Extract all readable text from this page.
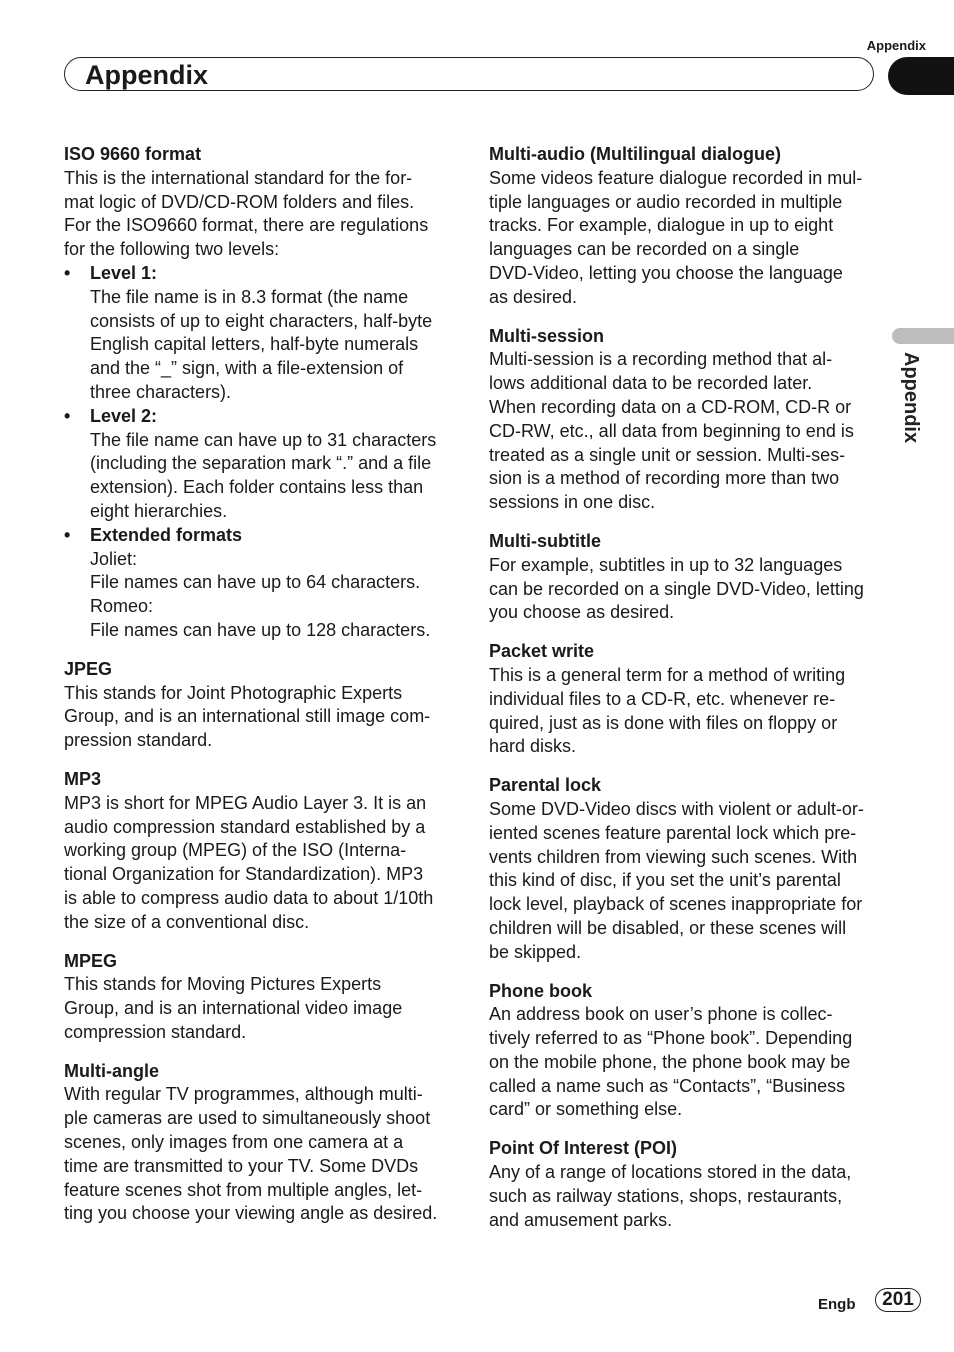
Appendix
Appendix
Appendix
ISO 9660 format
This is the international standard for the for-
mat logic of DVD/CD-ROM folders and files.
For the ISO9660 format, there are regulations
for the following two levels:
• Level 1:
The file name is in 8.3 format (the name
consists of up to eight characters, half-byte
English capital letters, half-byte numerals
and the “_” sign, with a file-extension of
three characters).
• Level 2:
The file name can have up to 31 characters
(including the separation mark “.” and a file
extension). Each folder contains less than
eight hierarchies.
• Extended formats
Joliet:
File names can have up to 64 characters.
Romeo:
File names can have up to 128 characters.
JPEG
This stands for Joint Photographic Experts
Group, and is an international still image com-
pression standard.
MP3
MP3 is short for MPEG Audio Layer 3. It is an
audio compression standard established by a
working group (MPEG) of the ISO (Interna-
tional Organization for Standardization). MP3
is able to compress audio data to about 1/10th
the size of a conventional disc.
MPEG
This stands for Moving Pictures Experts
Group, and is an international video image
compression standard.
Multi-angle
With regular TV programmes, although multi-
ple cameras are used to simultaneously shoot
scenes, only images from one camera at a
time are transmitted to your TV. Some DVDs
feature scenes shot from multiple angles, let-
ting you choose your viewing angle as desired.
Multi-audio (Multilingual dialogue)
Some videos feature dialogue recorded in mul-
tiple languages or audio recorded in multiple
tracks. For example, dialogue in up to eight
languages can be recorded on a single
DVD-Video, letting you choose the language
as desired.
Multi-session
Multi-session is a recording method that al-
lows additional data to be recorded later.
When recording data on a CD-ROM, CD-R or
CD-RW, etc., all data from beginning to end is
treated as a single unit or session. Multi-ses-
sion is a method of recording more than two
sessions in one disc.
Multi-subtitle
For example, subtitles in up to 32 languages
can be recorded on a single DVD-Video, letting
you choose as desired.
Packet write
This is a general term for a method of writing
individual files to a CD-R, etc. whenever re-
quired, just as is done with files on floppy or
hard disks.
Parental lock
Some DVD-Video discs with violent or adult-or-
iented scenes feature parental lock which pre-
vents children from viewing such scenes. With
this kind of disc, if you set the unit’s parental
lock level, playback of scenes inappropriate for
children will be disabled, or these scenes will
be skipped.
Phone book
An address book on user’s phone is collec-
tively referred to as “Phone book”. Depending
on the mobile phone, the phone book may be
called a name such as “Contacts”, “Business
card” or something else.
Point Of Interest (POI)
Any of a range of locations stored in the data,
such as railway stations, shops, restaurants,
and amusement parks.
Engb	201
